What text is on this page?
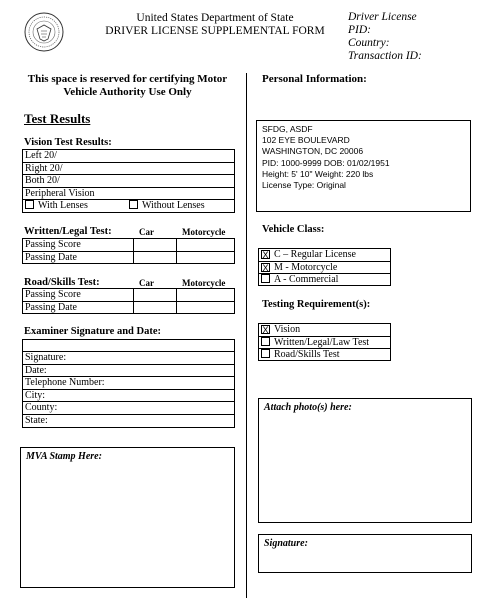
United States Department of State
DRIVER LICENSE SUPPLEMENTAL FORM
Driver License
PID:
Country:
Transaction ID:
This space is reserved for certifying Motor
Vehicle Authority Use Only
Test Results
Vision Test Results:
Left 20/
Right 20/
Both 20/
Peripheral Vision
With Lenses	Without Lenses
Written/Legal Test:	Car	Motorcycle
Passing Score
Passing Date
Road/Skills Test:	Car	Motorcycle
Passing Score
Passing Date
Examiner Signature and Date:
Signature:
Date:
Telephone Number:
City:
County:
State:
MVA Stamp Here:
Personal Information:
SFDG, ASDF
102 EYE BOULEVARD
WASHINGTON, DC 20006
PID: 1000-9999 DOB: 01/02/1951
Height: 5' 10" Weight: 220 lbs
License Type: Original
Vehicle Class:
X C – Regular License
X M - Motorcycle
A - Commercial
Testing Requirement(s):
X Vision
Written/Legal/Law Test
Road/Skills Test
Attach photo(s) here:
Signature:
